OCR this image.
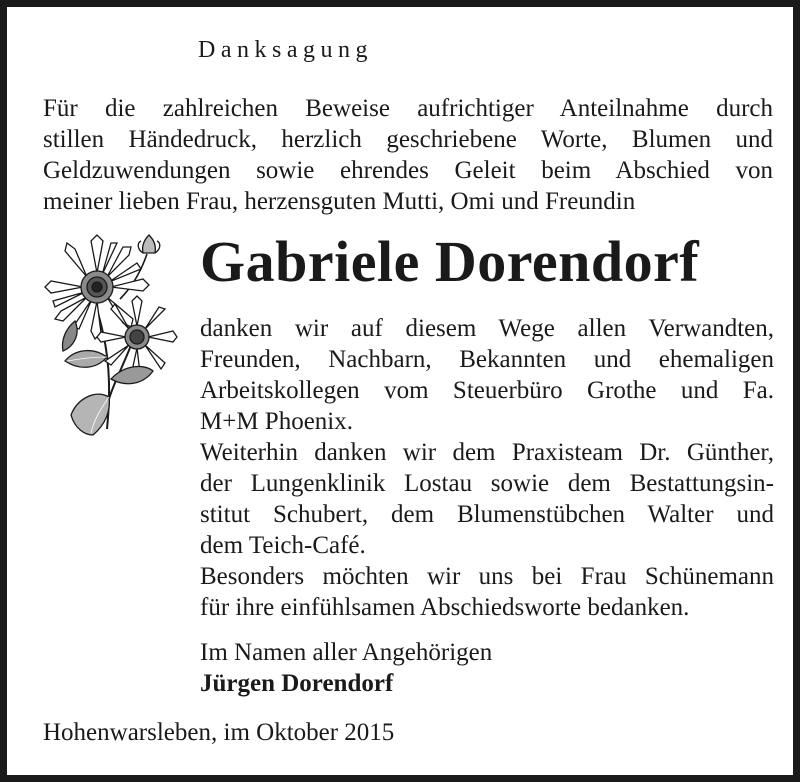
Danksagung
Für die zahlreichen Beweise aufrichtiger Anteilnahme durch
stillen Händedruck, herzlich geschriebene Worte, Blumen und
Geldzuwendungen sowie ehrendes Geleit beim Abschied von
meiner lieben Frau, herzensguten Mutti, Omi und Freundin
Gabriele Dorendorf
danken wir auf diesem Wege allen Verwandten,
Freunden, Nachbarn, Bekannten und ehemaligen
Arbeitskollegen vom Steuerbüro Grothe und Fa.
M+M Phoenix.
Weiterhin danken wir dem Praxisteam Dr. Günther,
der Lungenklinik Lostau sowie dem Bestattungsin-
stitut Schubert, dem Blumenstübchen Walter und
dem Teich-Café.
Besonders möchten wir uns bei Frau Schünemann
für ihre einfühlsamen Abschiedsworte bedanken.
Im Namen aller Angehörigen
Jürgen Dorendorf
Hohenwarsleben, im Oktober 2015
